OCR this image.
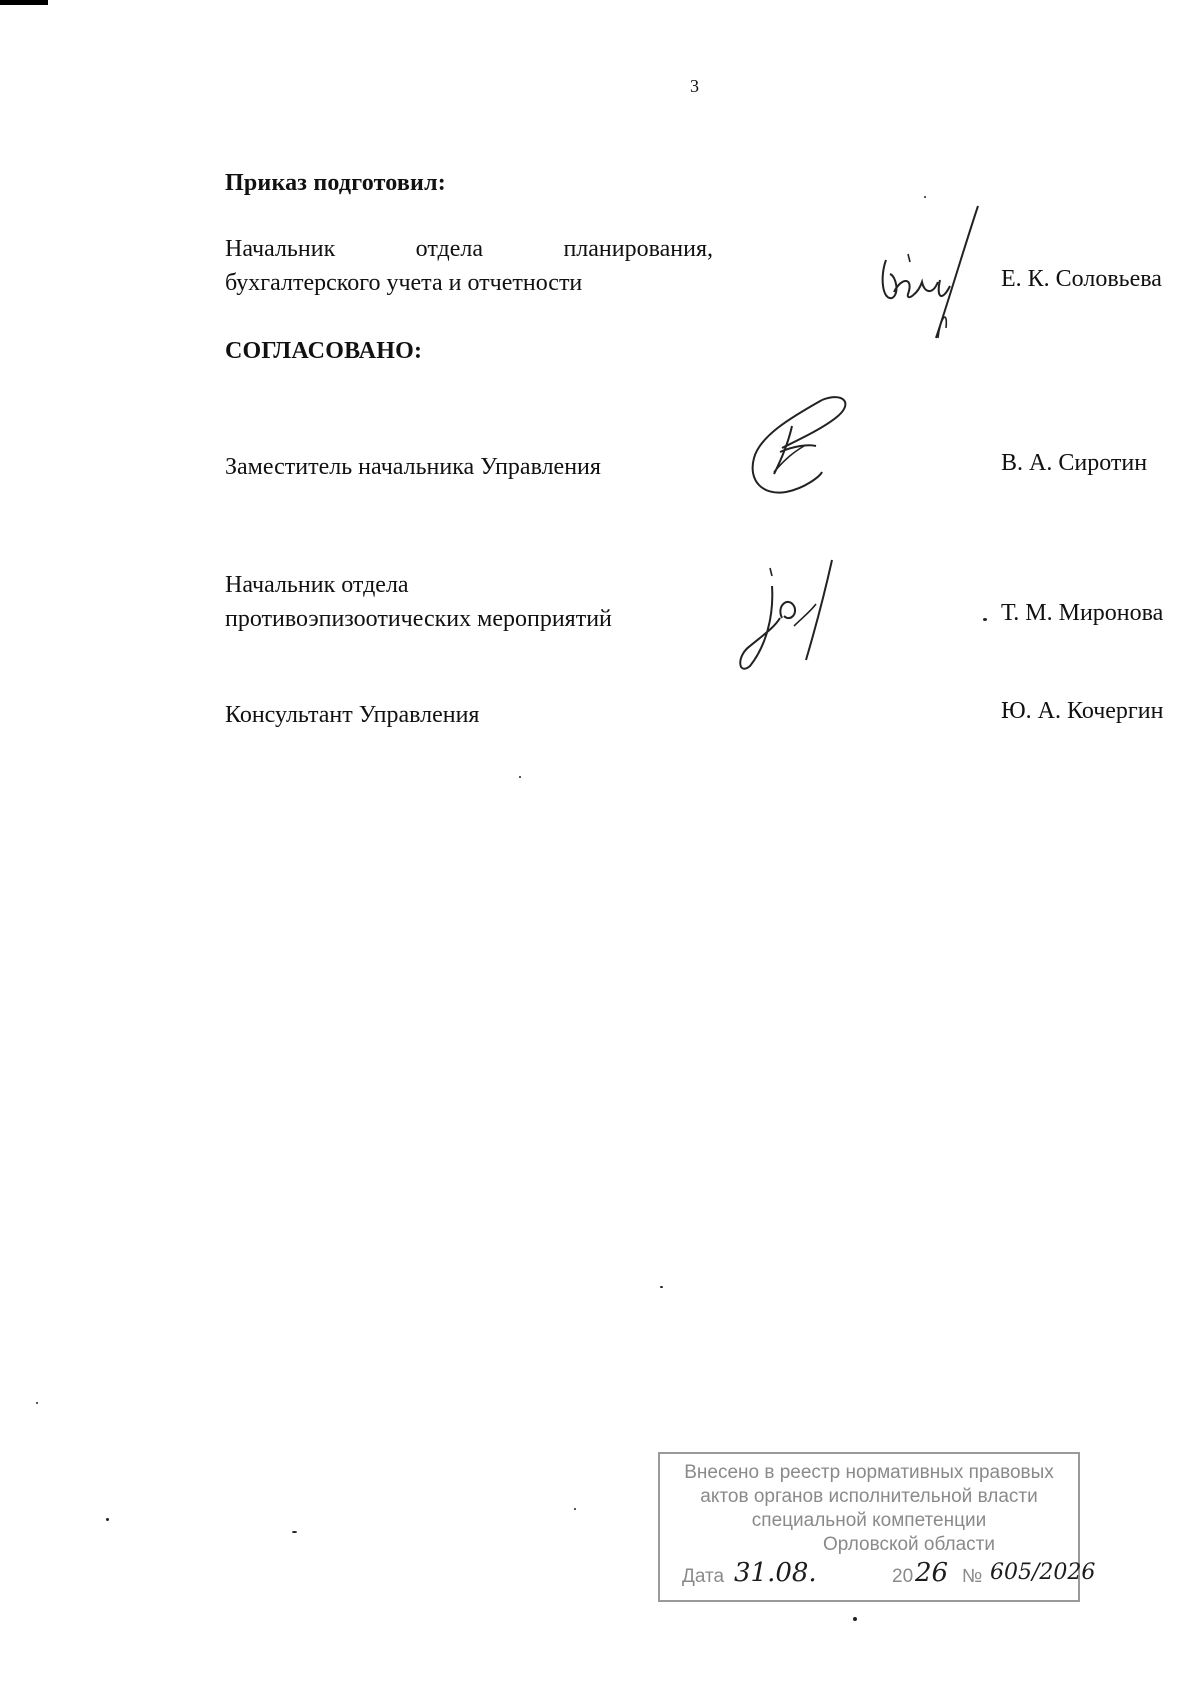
3
Приказ подготовил:
Начальник	отдела	планирования,
бухгалтерского учета и отчетности	Е. К. Соловьева
СОГЛАСОВАНО:
Заместитель начальника Управления	В. А. Сиротин
Начальник отдела
противоэпизоотических мероприятий	Т. М. Миронова
Консультант Управления	Ю. А. Кочергин
Внесено в реестр нормативных правовых
актов органов исполнительной власти
специальной компетенции
Орловской области
Дата 31.08.	20 26 № 605/2026
